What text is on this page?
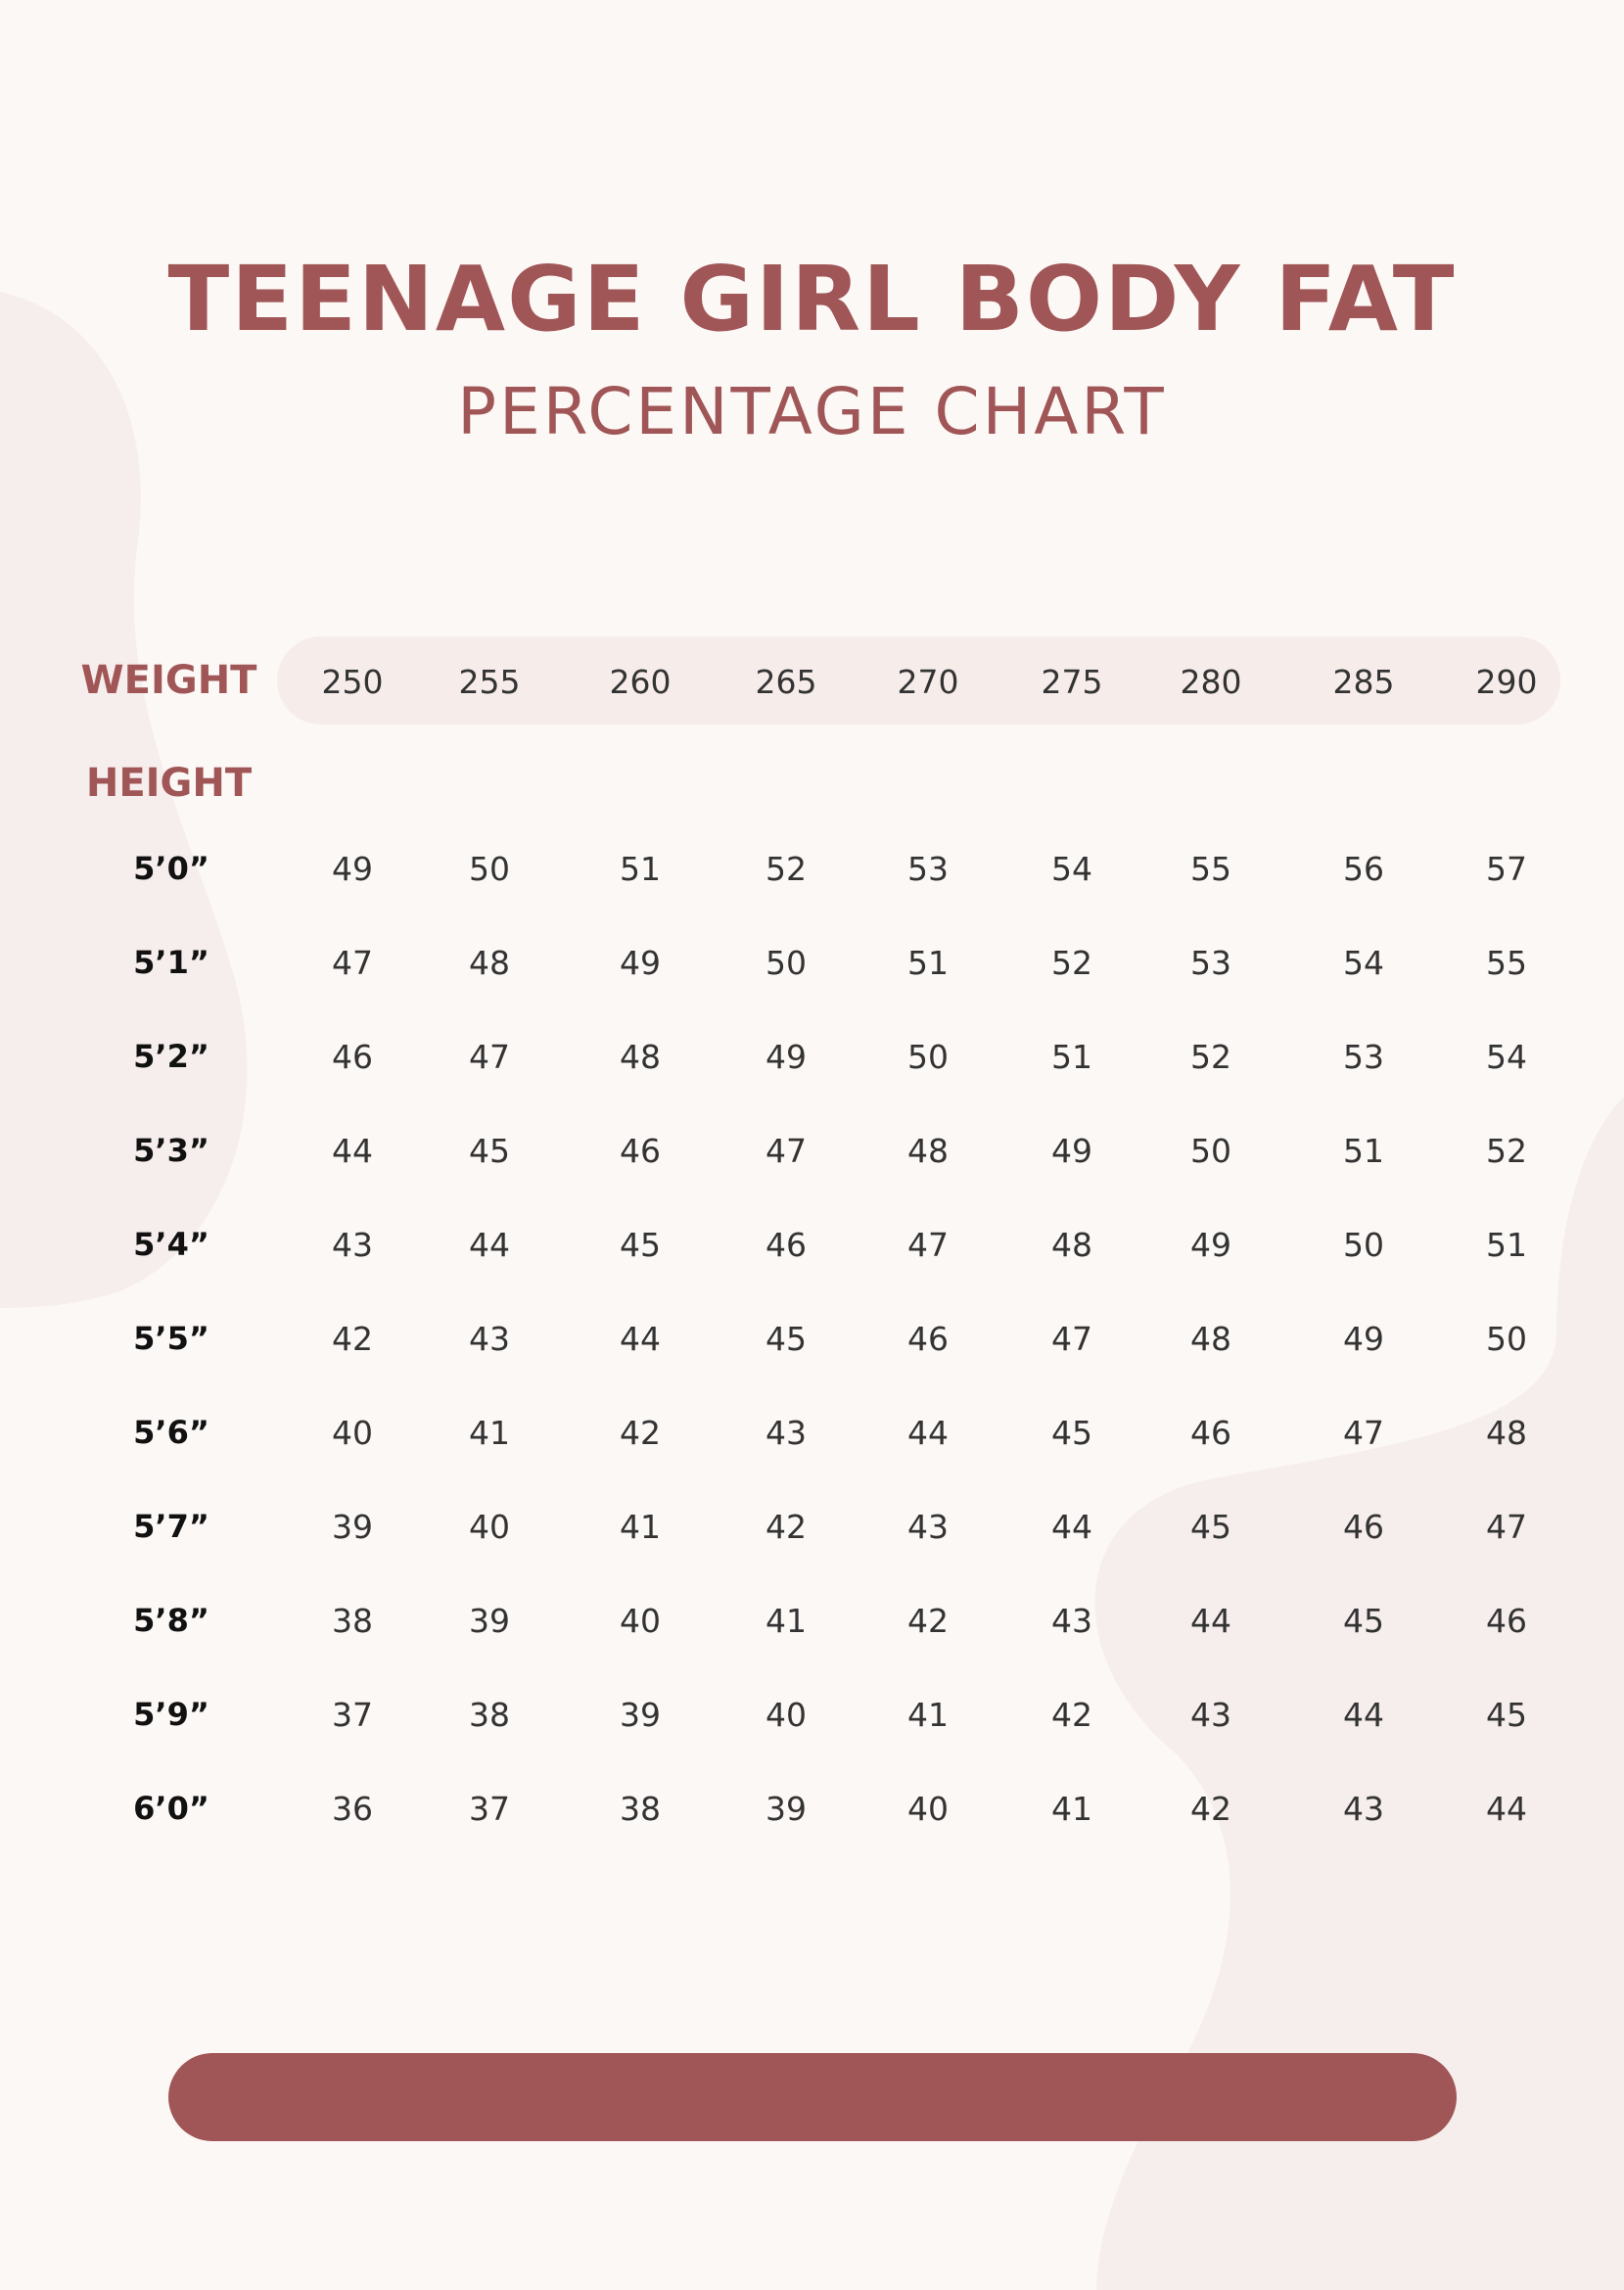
TEENAGE GIRL BODY FAT
PERCENTAGE CHART
WEIGHT
HEIGHT
250	255	260	265	270	275	280	285	290
5’0”	49	50	51	52	53	54	55	56	57
5’1”	47	48	49	50	51	52	53	54	55
5’2”	46	47	48	49	50	51	52	53	54
5’3”	44	45	46	47	48	49	50	51	52
5’4”	43	44	45	46	47	48	49	50	51
5’5”	42	43	44	45	46	47	48	49	50
5’6”	40	41	42	43	44	45	46	47	48
5’7”	39	40	41	42	43	44	45	46	47
5’8”	38	39	40	41	42	43	44	45	46
5’9”	37	38	39	40	41	42	43	44	45
6’0”	36	37	38	39	40	41	42	43	44
